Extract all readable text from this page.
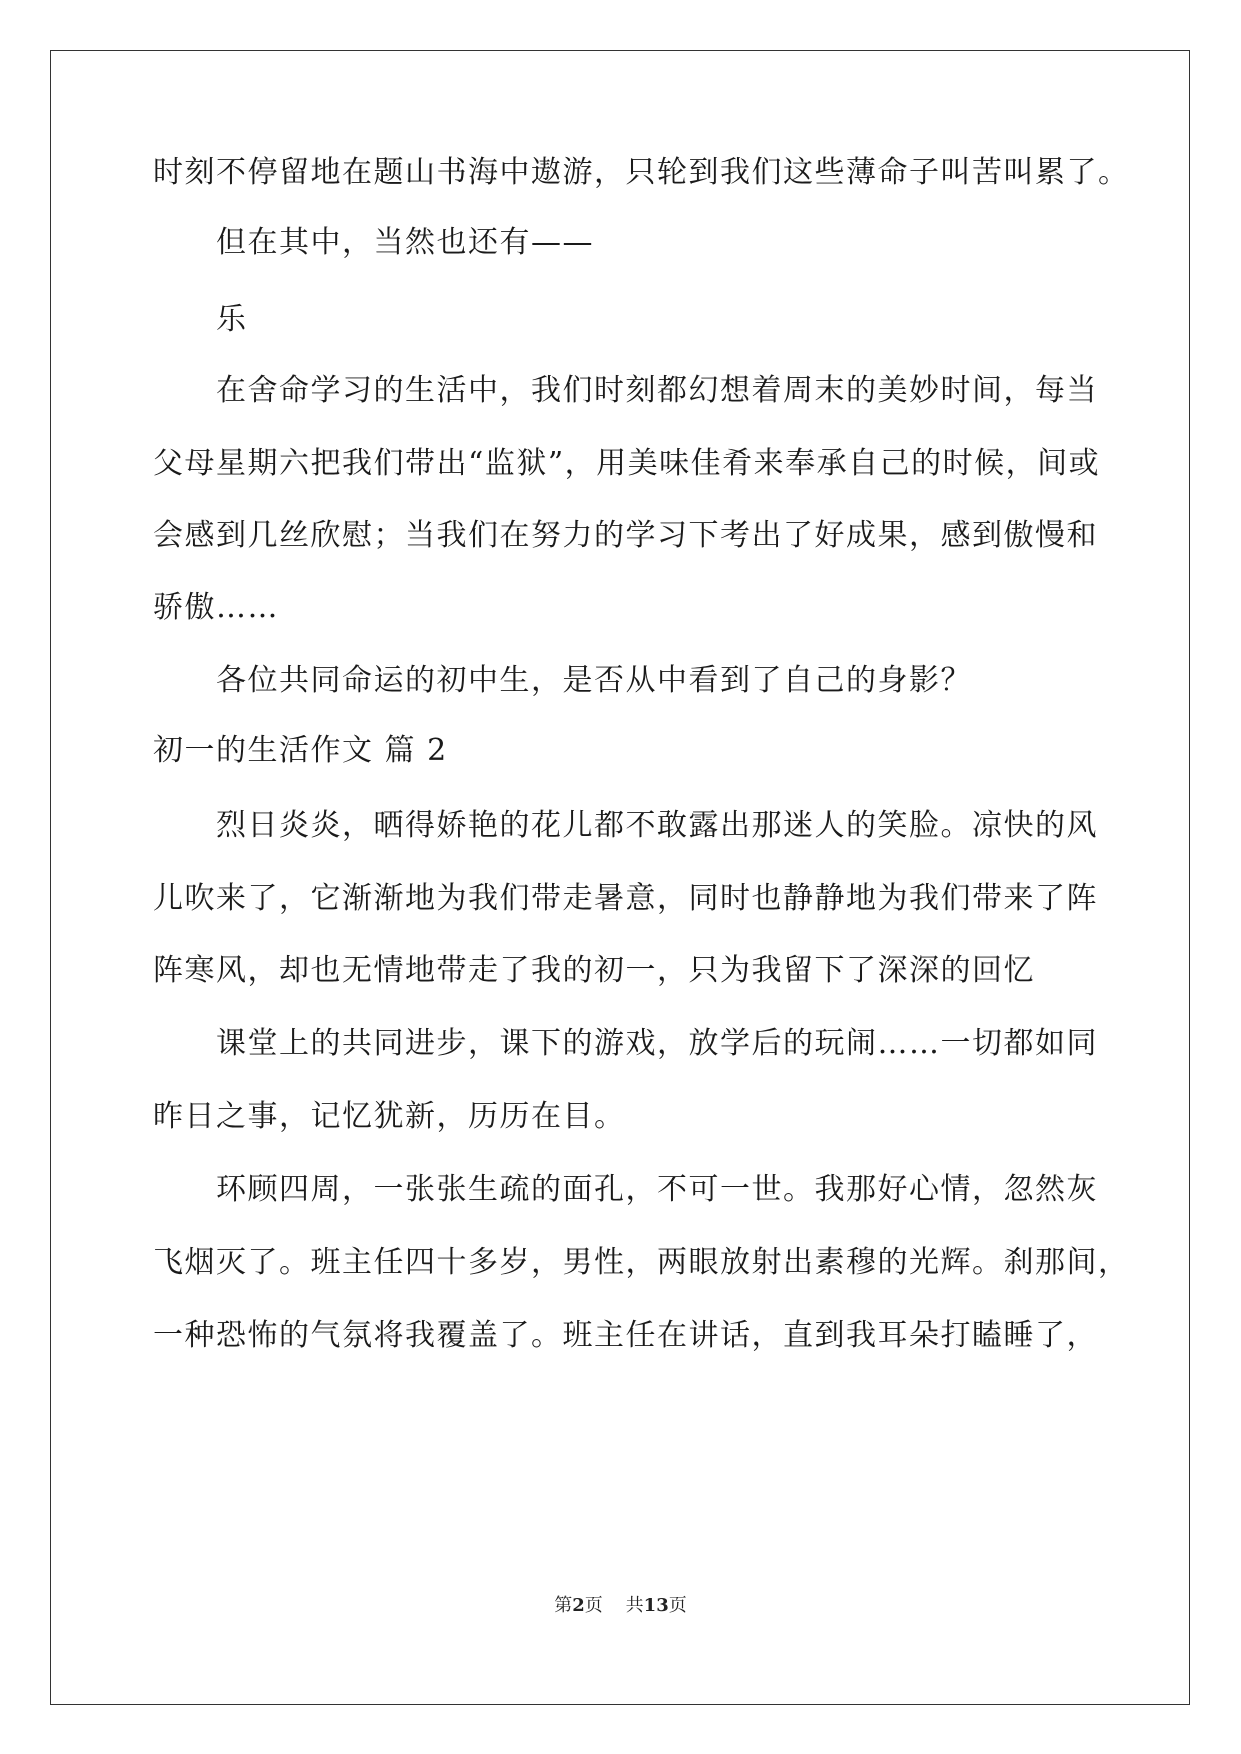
时刻不停留地在题山书海中遨游，只轮到我们这些薄命子叫苦叫累了。
但在其中，当然也还有——
乐
在舍命学习的生活中，我们时刻都幻想着周末的美妙时间，每当
父母星期六把我们带出“监狱”，用美味佳肴来奉承自己的时候，间或
会感到几丝欣慰；当我们在努力的学习下考出了好成果，感到傲慢和
骄傲……
各位共同命运的初中生，是否从中看到了自己的身影？
初一的生活作文 篇 2
烈日炎炎，晒得娇艳的花儿都不敢露出那迷人的笑脸。凉快的风
儿吹来了，它渐渐地为我们带走暑意，同时也静静地为我们带来了阵
阵寒风，却也无情地带走了我的初一，只为我留下了深深的回忆
课堂上的共同进步，课下的游戏，放学后的玩闹……一切都如同
昨日之事，记忆犹新，历历在目。
环顾四周，一张张生疏的面孔，不可一世。我那好心情，忽然灰
飞烟灭了。班主任四十多岁，男性，两眼放射出素穆的光辉。刹那间，
一种恐怖的气氛将我覆盖了。班主任在讲话，直到我耳朵打瞌睡了，
第2页 共13页
